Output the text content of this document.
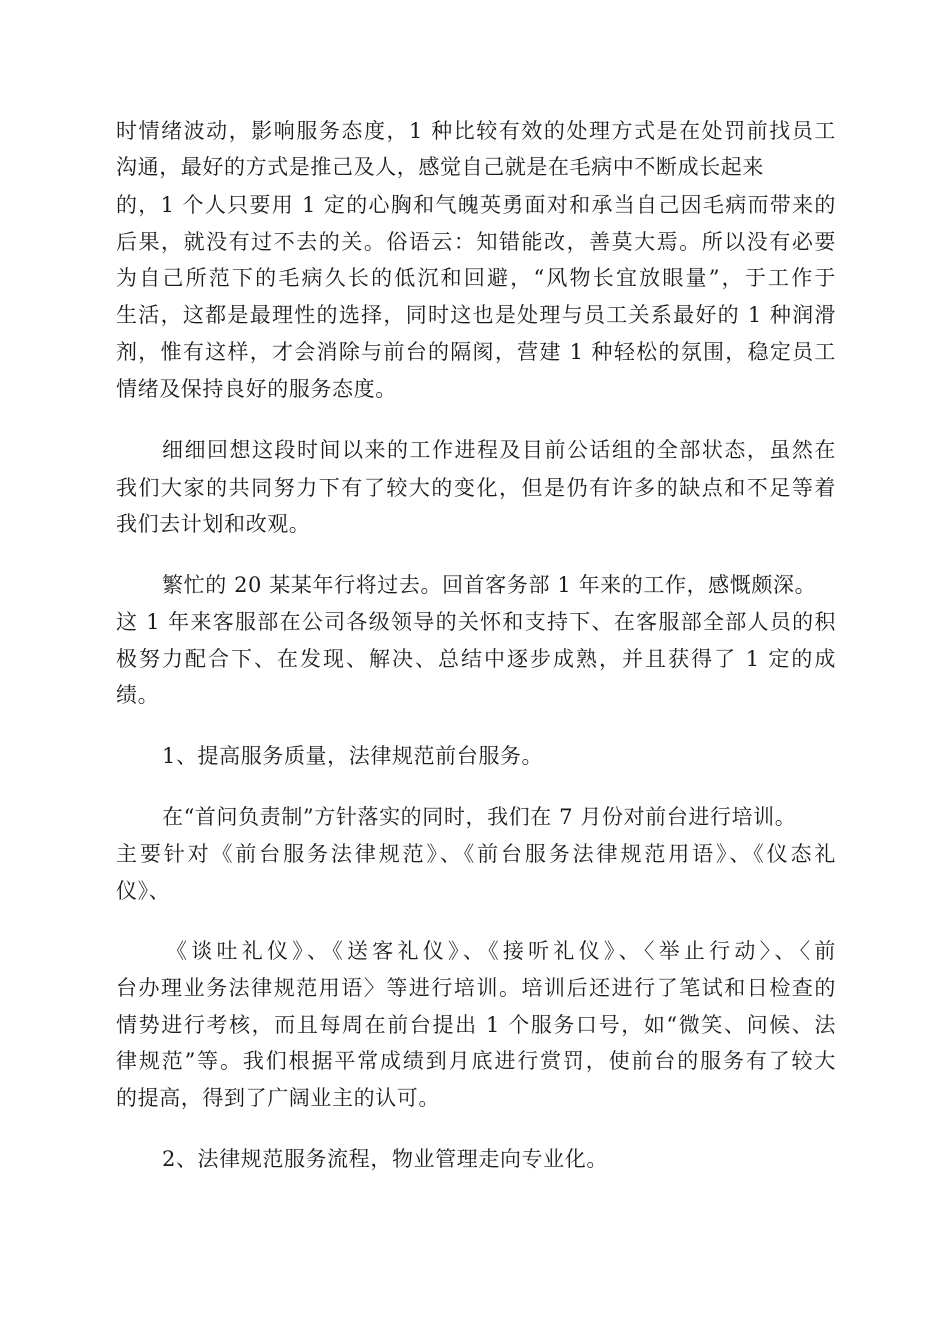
时情绪波动，影响服务态度，1 种比较有效的处理方式是在处罚前找员工
沟通，最好的方式是推己及人，感觉自己就是在毛病中不断成长起来
的，1 个人只要用 1 定的心胸和气魄英勇面对和承当自己因毛病而带来的
后果，就没有过不去的关。俗语云：知错能改，善莫大焉。所以没有必要
为自己所范下的毛病久长的低沉和回避，“风物长宜放眼量”，于工作于
生活，这都是最理性的选择，同时这也是处理与员工关系最好的 1 种润滑
剂，惟有这样，才会消除与前台的隔阂，营建 1 种轻松的氛围，稳定员工
情绪及保持良好的服务态度。
细细回想这段时间以来的工作进程及目前公话组的全部状态，虽然在
我们大家的共同努力下有了较大的变化，但是仍有许多的缺点和不足等着
我们去计划和改观。
繁忙的 20 某某年行将过去。回首客务部 1 年来的工作，感慨颇深。
这 1 年来客服部在公司各级领导的关怀和支持下、在客服部全部人员的积
极努力配合下、在发现、解决、总结中逐步成熟，并且获得了 1 定的成
绩。
1、提高服务质量，法律规范前台服务。
在“首问负责制”方针落实的同时，我们在 7 月份对前台进行培训。
主要针对《前台服务法律规范》、《前台服务法律规范用语》、《仪态礼
仪》、
《谈吐礼仪》、《送客礼仪》、《接听礼仪》、〈举止行动〉、〈前
台办理业务法律规范用语〉等进行培训。培训后还进行了笔试和日检查的
情势进行考核，而且每周在前台提出 1 个服务口号，如“微笑、问候、法
律规范”等。我们根据平常成绩到月底进行赏罚，使前台的服务有了较大
的提高，得到了广阔业主的认可。
2、法律规范服务流程，物业管理走向专业化。
